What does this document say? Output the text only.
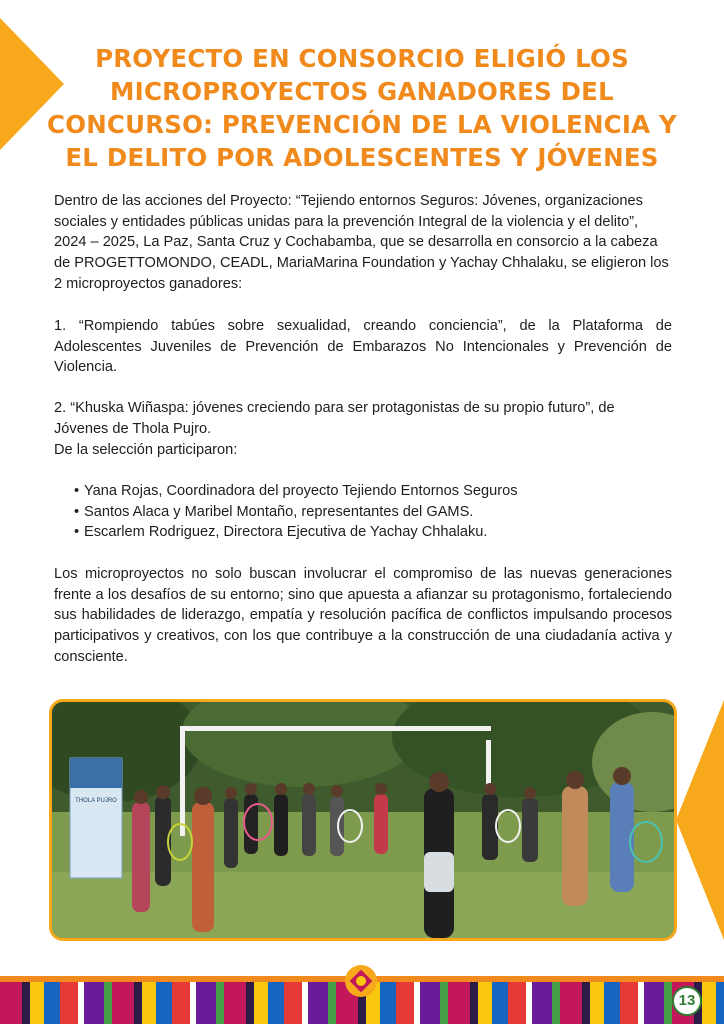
PROYECTO EN CONSORCIO ELIGIÓ LOS MICROPROYECTOS GANADORES DEL CONCURSO: PREVENCIÓN DE LA VIOLENCIA Y EL DELITO POR ADOLESCENTES Y JÓVENES

Dentro de las acciones del Proyecto: “Tejiendo entornos Seguros: Jóvenes, organizaciones sociales y entidades públicas unidas para la prevención Integral de la violencia y el delito”, 2024 – 2025, La Paz, Santa Cruz y Cochabamba, que se desarrolla en consorcio a la cabeza de PROGETTOMONDO, CEADL, MariaMarina Foundation y Yachay Chhalaku, se eligieron los 2 microproyectos ganadores:

1. “Rompiendo tabúes sobre sexualidad, creando conciencia”, de la Plataforma de Adolescentes Juveniles de Prevención de Embarazos No Intencionales y Prevención de Violencia.

2. “Khuska Wiñaspa: jóvenes creciendo para ser protagonistas de su propio futuro”, de Jóvenes de Thola Pujro.

De la selección participaron:

• Yana Rojas, Coordinadora del proyecto Tejiendo Entornos Seguros
• Santos Alaca y Maribel Montaño, representantes del GAMS.
• Escarlem Rodriguez, Directora Ejecutiva de Yachay Chhalaku.

Los microproyectos no solo buscan involucrar el compromiso de las nuevas generaciones frente a los desafíos de su entorno; sino que apuesta a afianzar su protagonismo, fortaleciendo sus habilidades de liderazgo, empatía y resolución pacífica de conflictos impulsando procesos participativos y creativos, con los que contribuye a la construcción de una ciudadanía activa y consciente.

THOLA PUJRO
13
